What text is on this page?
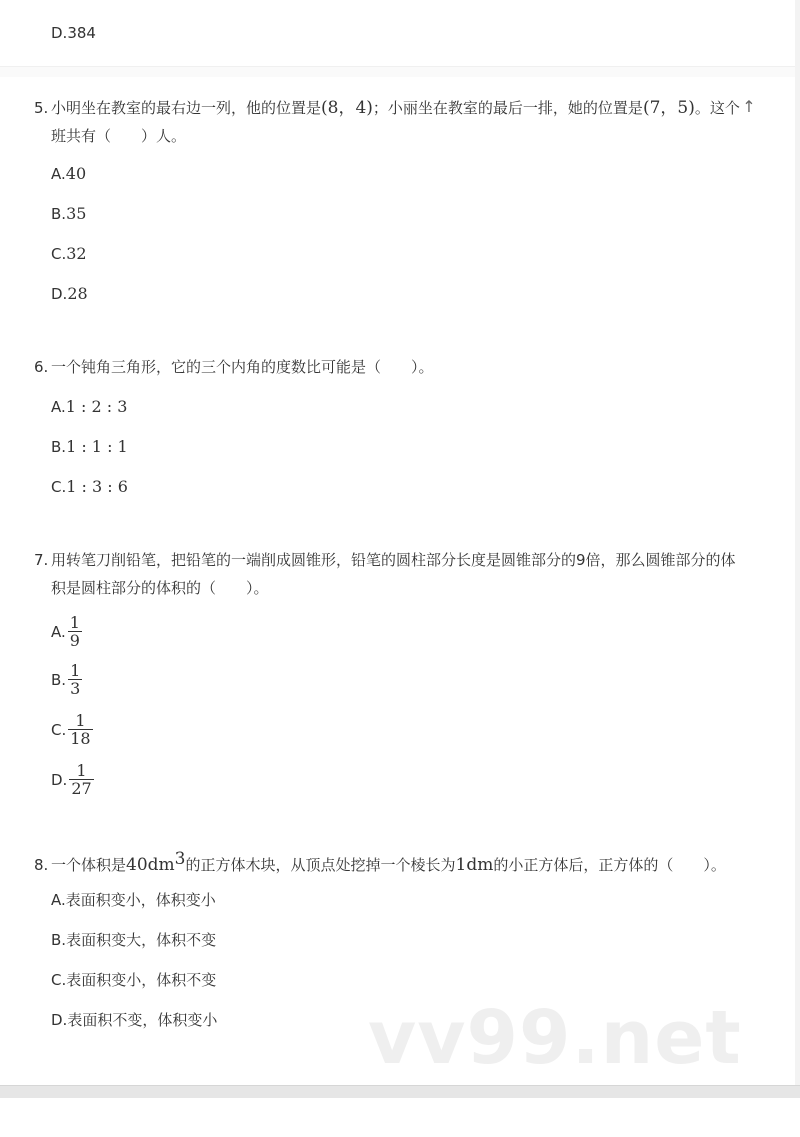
D.384
5. 小明坐在教室的最右边一列，他的位置是(8，4)；小丽坐在教室的最后一排，她的位置是(7，5)。这个
班共有（　　）人。
A.40
B.35
C.32
D.28
6. 一个钝角三角形，它的三个内角的度数比可能是（　　）。
A.1 : 2 : 3
B.1 : 1 : 1
C.1 : 3 : 6
7. 用转笔刀削铅笔，把铅笔的一端削成圆锥形，铅笔的圆柱部分长度是圆锥部分的9倍，那么圆锥部分的体
积是圆柱部分的体积的（　　）。
A. $\frac{1}{9}$
B. $\frac{1}{3}$
C. $\frac{1}{18}$
D. $\frac{1}{27}$
8. 一个体积是$40dm^3$的正方体木块，从顶点处挖掉一个棱长为1dm的小正方体后，正方体的（　　）。
A.表面积变小，体积变小
B.表面积变大，体积不变
C.表面积变小，体积不变
D.表面积不变，体积变小 vv99.net
↑
